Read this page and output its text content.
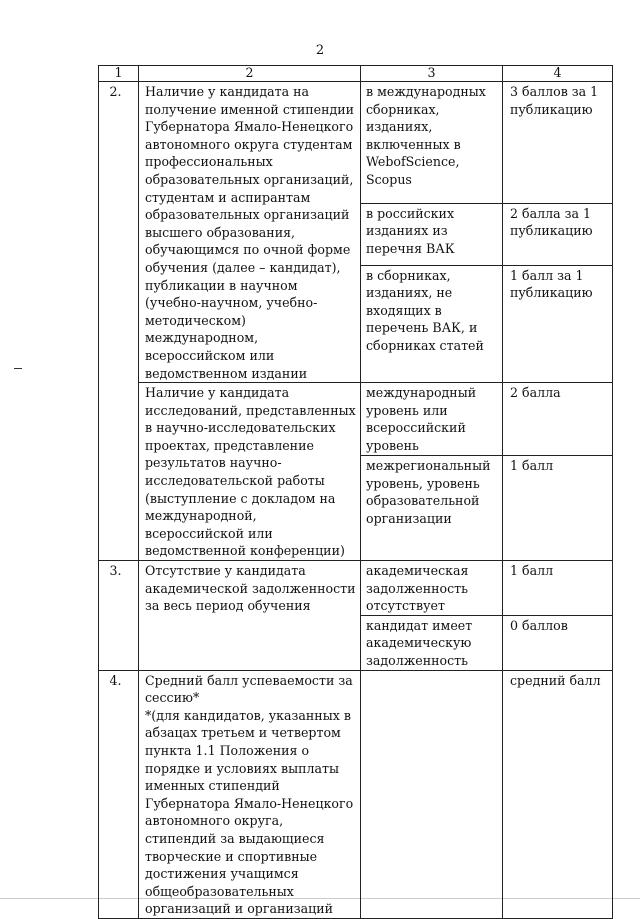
2
1	2	3	4
2.	Наличие у кандидата на получение именной стипендии Губернатора Ямало-Ненецкого автономного округа студентам профессиональных образовательных организаций, студентам и аспирантам образовательных организаций высшего образования, обучающимся по очной форме обучения (далее – кандидат), публикации в научном (учебно-научном, учебно-методическом) международном, всероссийском или ведомственном издании	в международных сборниках, изданиях, включенных в WebofScience, Scopus	3 баллов за 1 публикацию
		в российских изданиях из перечня ВАК	2 балла за 1 публикацию
		в сборниках, изданиях, не входящих в перечень ВАК, и сборниках статей	1 балл за 1 публикацию
	Наличие у кандидата исследований, представленных в научно-исследовательских проектах, представление результатов научно-исследовательской работы (выступление с докладом на международной, всероссийской или ведомственной конференции)	международный уровень или всероссийский уровень	2 балла
		межрегиональный уровень, уровень образовательной организации	1 балл
3.	Отсутствие у кандидата академической задолженности за весь период обучения	академическая задолженность отсутствует	1 балл
		кандидат имеет академическую задолженность	0 баллов
4.	Средний балл успеваемости за сессию*
*(для кандидатов, указанных в абзацах третьем и четвертом пункта 1.1 Положения о порядке и условиях выплаты именных стипендий Губернатора Ямало-Ненецкого автономного округа, стипендий за выдающиеся творческие и спортивные достижения учащимся общеобразовательных организаций и организаций		средний балл
